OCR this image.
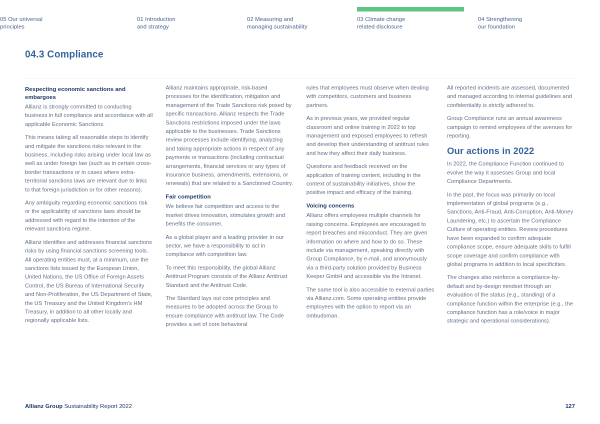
01 Introduction
and strategy
02 Measuring and
managing sustainability
03 Climate change
related disclosure
04 Strengthening
our foundation
05 Our universal
principles
04.3 Compliance
Respecting economic sanctions and embargoes

Allianz is strongly committed to conducting business in full compliance and accordance with all applicable Economic Sanctions.

This means taking all reasonable steps to identify and mitigate the sanctions risks relevant in the business, including risks arising under local law as well as under foreign law (such as in certain cross-border transactions or in cases where extra-territorial sanctions laws are relevant due to links to that foreign jurisdiction or for other reasons).

Any ambiguity regarding economic sanctions risk or the applicability of sanctions laws should be addressed with regard to the intention of the relevant sanctions regime.

Allianz identifies and addresses financial sanctions risks by using financial sanctions screening tools. All operating entities must, at a minimum, use the sanctions lists issued by the European Union, United Nations, the US Office of Foreign Assets Control, the US Bureau of International Security and Non-Proliferation, the US Department of State, the US Treasury and the United Kingdom’s HM Treasury, in addition to all other locally and regionally applicable lists.

Allianz maintains appropriate, risk-based processes for the identification, mitigation and management of the Trade Sanctions risk posed by specific transactions. Allianz respects the Trade Sanctions restrictions imposed under the laws applicable to the businesses. Trade Sanctions review processes include identifying, analyzing and taking appropriate actions in respect of any payments or transactions (including contractual arrangements, financial services or any types of insurance business, amendments, extensions, or renewals) that are related to a Sanctioned Country.

Fair competition

We believe fair competition and access to the market drives innovation, stimulates growth and benefits the consumer.

As a global player and a leading provider in our sector, we have a responsibility to act in compliance with competition law.

To meet this responsibility, the global Allianz Antitrust Program consists of the Allianz Antitrust Standard and the Antitrust Code.

The Standard lays out core principles and measures to be adopted across the Group to ensure compliance with antitrust law. The Code provides a set of core behavioral

rules that employees must observe when dealing with competitors, customers and business partners.

As in previous years, we provided regular classroom and online training in 2022 to top management and exposed employees to refresh and develop their understanding of antitrust rules and how they affect their daily business.

Questions and feedback received on the application of training content, including in the context of sustainability initiatives, show the positive impact and efficacy of the training.

Voicing concerns

Allianz offers employees multiple channels for raising concerns. Employees are encouraged to report breaches and misconduct. They are given information on where and how to do so. These include via management, speaking directly with Group Compliance, by e-mail, and anonymously via a third-party solution provided by Business Keeper GmbH and accessible via the Intranet.

The same tool is also accessible to external parties via Allianz.com. Some operating entities provide employees with the option to report via an ombudsman.

All reported incidents are assessed, documented and managed according to internal guidelines and confidentiality is strictly adhered to.

Group Compliance runs an annual awareness campaign to remind employees of the avenues for reporting.

Our actions in 2022

In 2022, the Compliance Function continued to evolve the way it assesses Group and local Compliance Departments.

In the past, the focus was primarily on local implementation of global programs (e.g., Sanctions, Anti-Fraud, Anti-Corruption, Anti-Money Laundering, etc.) to ascertain the Compliance Culture of operating entities. Review procedures have been expanded to confirm adequate compliance scope, ensure adequate skills to fulfill scope coverage and confirm compliance with global programs in addition to local specificities.

The changes also reinforce a compliance-by-default and by-design mindset through an evaluation of the status (e.g., standing) of a compliance function within the enterprise (e.g., the compliance function has a role/voice in major strategic and operational considerations).

Allianz Group Sustainability Report 2022	127
